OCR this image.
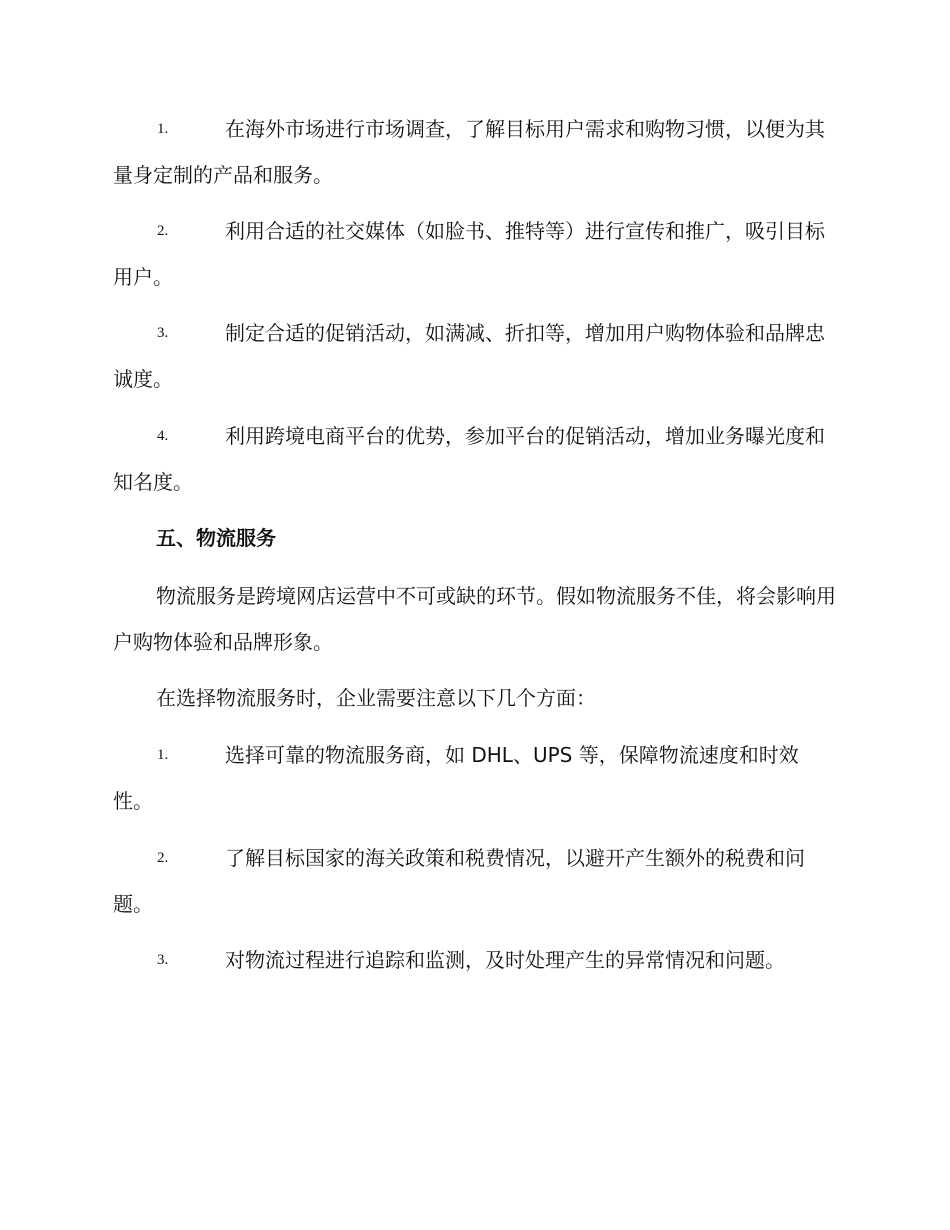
1.	在海外市场进行市场调查，了解目标用户需求和购物习惯，以便为其量身定制的产品和服务。
2.	利用合适的社交媒体（如脸书、推特等）进行宣传和推广，吸引目标用户。
3.	制定合适的促销活动，如满减、折扣等，增加用户购物体验和品牌忠诚度。
4.	利用跨境电商平台的优势，参加平台的促销活动，增加业务曝光度和知名度。
五、物流服务
物流服务是跨境网店运营中不可或缺的环节。假如物流服务不佳，将会影响用户购物体验和品牌形象。
在选择物流服务时，企业需要注意以下几个方面：
1.	选择可靠的物流服务商，如 DHL、UPS 等，保障物流速度和时效性。
2.	了解目标国家的海关政策和税费情况，以避开产生额外的税费和问题。
3.	对物流过程进行追踪和监测，及时处理产生的异常情况和问题。
